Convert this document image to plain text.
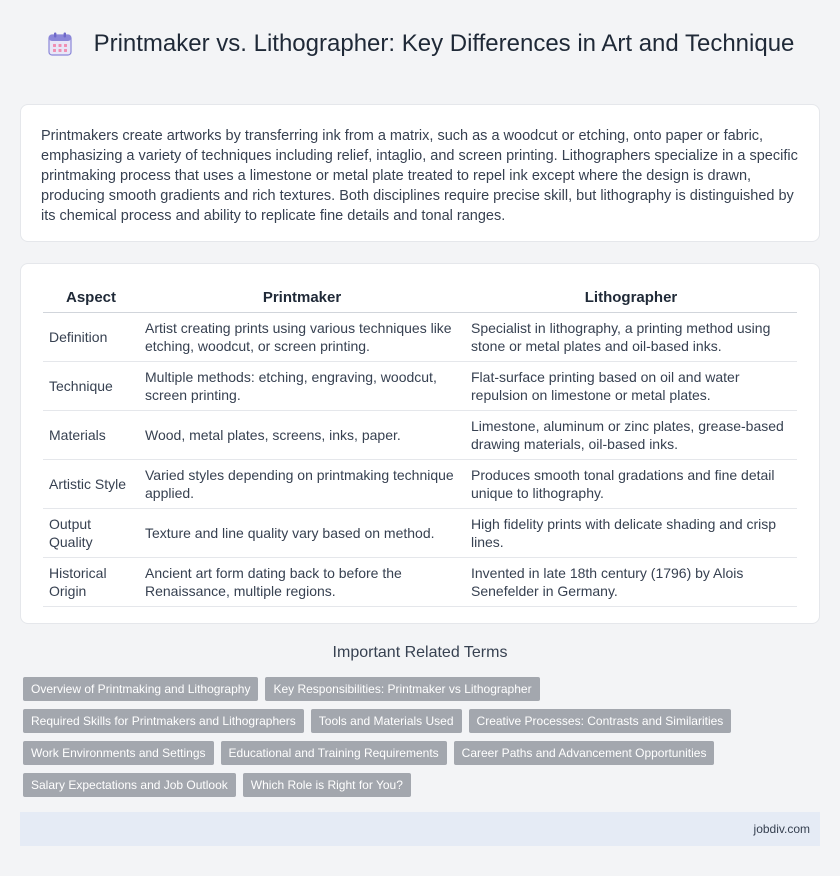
Printmaker vs. Lithographer: Key Differences in Art and Technique
Printmakers create artworks by transferring ink from a matrix, such as a woodcut or etching, onto paper or fabric, emphasizing a variety of techniques including relief, intaglio, and screen printing. Lithographers specialize in a specific printmaking process that uses a limestone or metal plate treated to repel ink except where the design is drawn, producing smooth gradients and rich textures. Both disciplines require precise skill, but lithography is distinguished by its chemical process and ability to replicate fine details and tonal ranges.
Aspect	Printmaker	Lithographer
Definition	Artist creating prints using various techniques like etching, woodcut, or screen printing.	Specialist in lithography, a printing method using stone or metal plates and oil-based inks.
Technique	Multiple methods: etching, engraving, woodcut, screen printing.	Flat-surface printing based on oil and water repulsion on limestone or metal plates.
Materials	Wood, metal plates, screens, inks, paper.	Limestone, aluminum or zinc plates, grease-based drawing materials, oil-based inks.
Artistic Style	Varied styles depending on printmaking technique applied.	Produces smooth tonal gradations and fine detail unique to lithography.
Output Quality	Texture and line quality vary based on method.	High fidelity prints with delicate shading and crisp lines.
Historical Origin	Ancient art form dating back to before the Renaissance, multiple regions.	Invented in late 18th century (1796) by Alois Senefelder in Germany.
Important Related Terms
Overview of Printmaking and Lithography	Key Responsibilities: Printmaker vs Lithographer
Required Skills for Printmakers and Lithographers	Tools and Materials Used	Creative Processes: Contrasts and Similarities
Work Environments and Settings	Educational and Training Requirements	Career Paths and Advancement Opportunities
Salary Expectations and Job Outlook	Which Role is Right for You?
jobdiv.com
